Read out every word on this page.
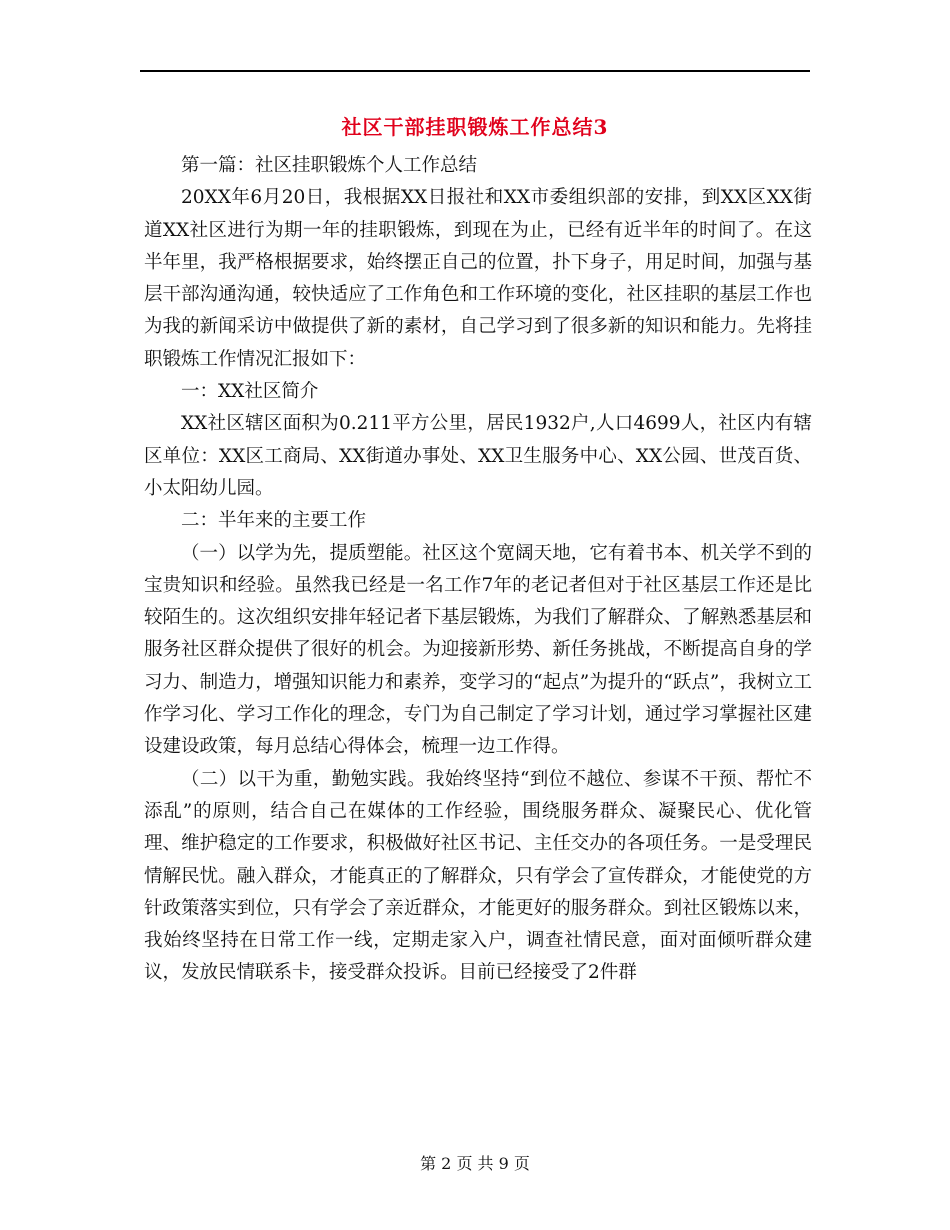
社区干部挂职锻炼工作总结3

第一篇：社区挂职锻炼个人工作总结

20XX年6月20日，我根据XX日报社和XX市委组织部的安排，到XX区XX街道XX社区进行为期一年的挂职锻炼，到现在为止，已经有近半年的时间了。在这半年里，我严格根据要求，始终摆正自己的位置，扑下身子，用足时间，加强与基层干部沟通沟通，较快适应了工作角色和工作环境的变化，社区挂职的基层工作也为我的新闻采访中做提供了新的素材，自己学习到了很多新的知识和能力。先将挂职锻炼工作情况汇报如下：

一：XX社区简介

XX社区辖区面积为0.211平方公里，居民1932户,人口4699人，社区内有辖区单位：XX区工商局、XX街道办事处、XX卫生服务中心、XX公园、世茂百货、小太阳幼儿园。

二：半年来的主要工作

（一）以学为先，提质塑能。社区这个宽阔天地，它有着书本、机关学不到的宝贵知识和经验。虽然我已经是一名工作7年的老记者但对于社区基层工作还是比较陌生的。这次组织安排年轻记者下基层锻炼，为我们了解群众、了解熟悉基层和服务社区群众提供了很好的机会。为迎接新形势、新任务挑战，不断提高自身的学习力、制造力，增强知识能力和素养，变学习的“起点”为提升的“跃点”，我树立工作学习化、学习工作化的理念，专门为自己制定了学习计划，通过学习掌握社区建设建设政策，每月总结心得体会，梳理一边工作得。

（二）以干为重，勤勉实践。我始终坚持“到位不越位、参谋不干预、帮忙不添乱”的原则，结合自己在媒体的工作经验，围绕服务群众、凝聚民心、优化管理、维护稳定的工作要求，积极做好社区书记、主任交办的各项任务。一是受理民情解民忧。融入群众，才能真正的了解群众，只有学会了宣传群众，才能使党的方针政策落实到位，只有学会了亲近群众，才能更好的服务群众。到社区锻炼以来，我始终坚持在日常工作一线，定期走家入户，调查社情民意，面对面倾听群众建议，发放民情联系卡，接受群众投诉。目前已经接受了2件群

第 2 页 共 9 页
